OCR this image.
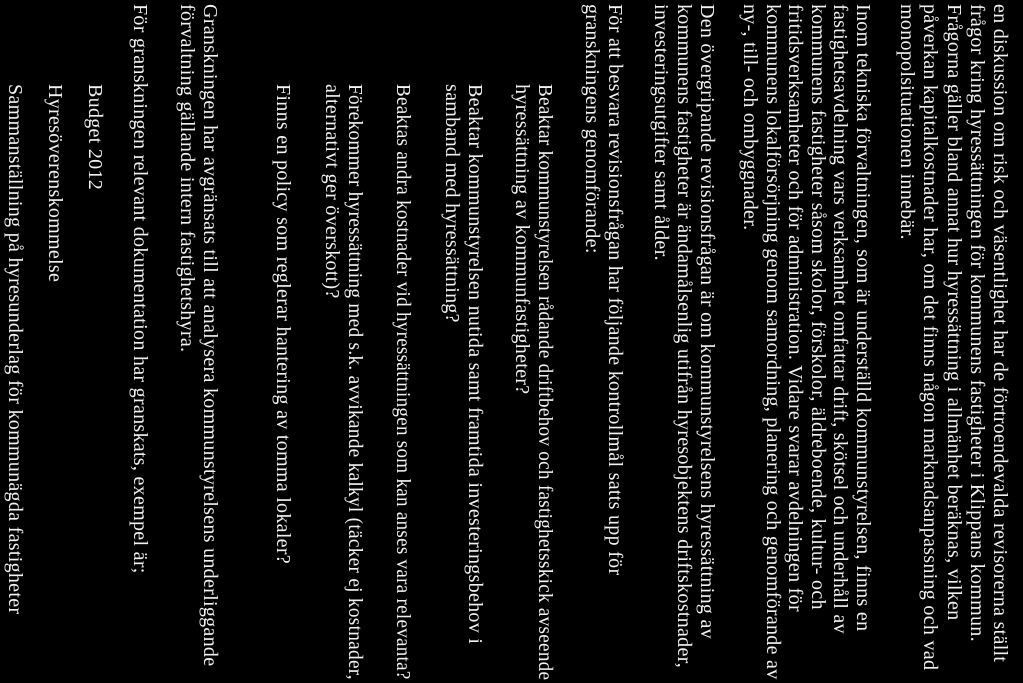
en diskussion om risk och väsentlighet har de förtroendevalda revisorerna ställt
frågor kring hyressättningen för kommunens fastigheter i Klippans kommun.
Frågorna gäller bland annat hur hyressättning i allmänhet beräknas, vilken
påverkan kapitalkostnader har, om det finns någon marknadsanpassning och vad
monopolsituationen innebär.
Inom tekniska förvaltningen, som är underställd kommunstyrelsen, finns en
fastighetsavdelning vars verksamhet omfattar drift, skötsel och underhåll av
kommunens fastigheter såsom skolor, förskolor, äldreboende, kultur- och
fritidsverksamheter och för administration. Vidare svarar avdelningen för
kommunens lokalförsörjning genom samordning, planering och genomförande av
ny-, till- och ombyggnader.
Den övergripande revisionsfrågan är om kommunstyrelsens hyressättning av
kommunens fastigheter är ändamålsenlig utifrån hyresobjektens driftskostnader,
investeringsutgifter samt ålder.
För att besvara revisionsfrågan har följande kontrollmål satts upp för
granskningens genomförande:
Beaktar kommunstyrelsen rådande driftbehov och fastighetsskick avseende
hyressättning av kommunfastigheter?
Beaktar kommunstyrelsen nutida samt framtida investeringsbehov i
samband med hyressättning?
Beaktas andra kostnader vid hyressättningen som kan anses vara relevanta?
Förekommer hyressättning med s.k. avvikande kalkyl (täcker ej kostnader,
alternativt ger överskott)?
Finns en policy som reglerar hantering av tomma lokaler?
Granskningen har avgränsats till att analysera kommunstyrelsens underliggande
förvaltning gällande intern fastighetshyra.
För granskningen relevant dokumentation har granskats, exempel är;
Budget 2012
Hyresöverenskommelse
Sammanställning på hyresunderlag för kommunägda fastigheter
